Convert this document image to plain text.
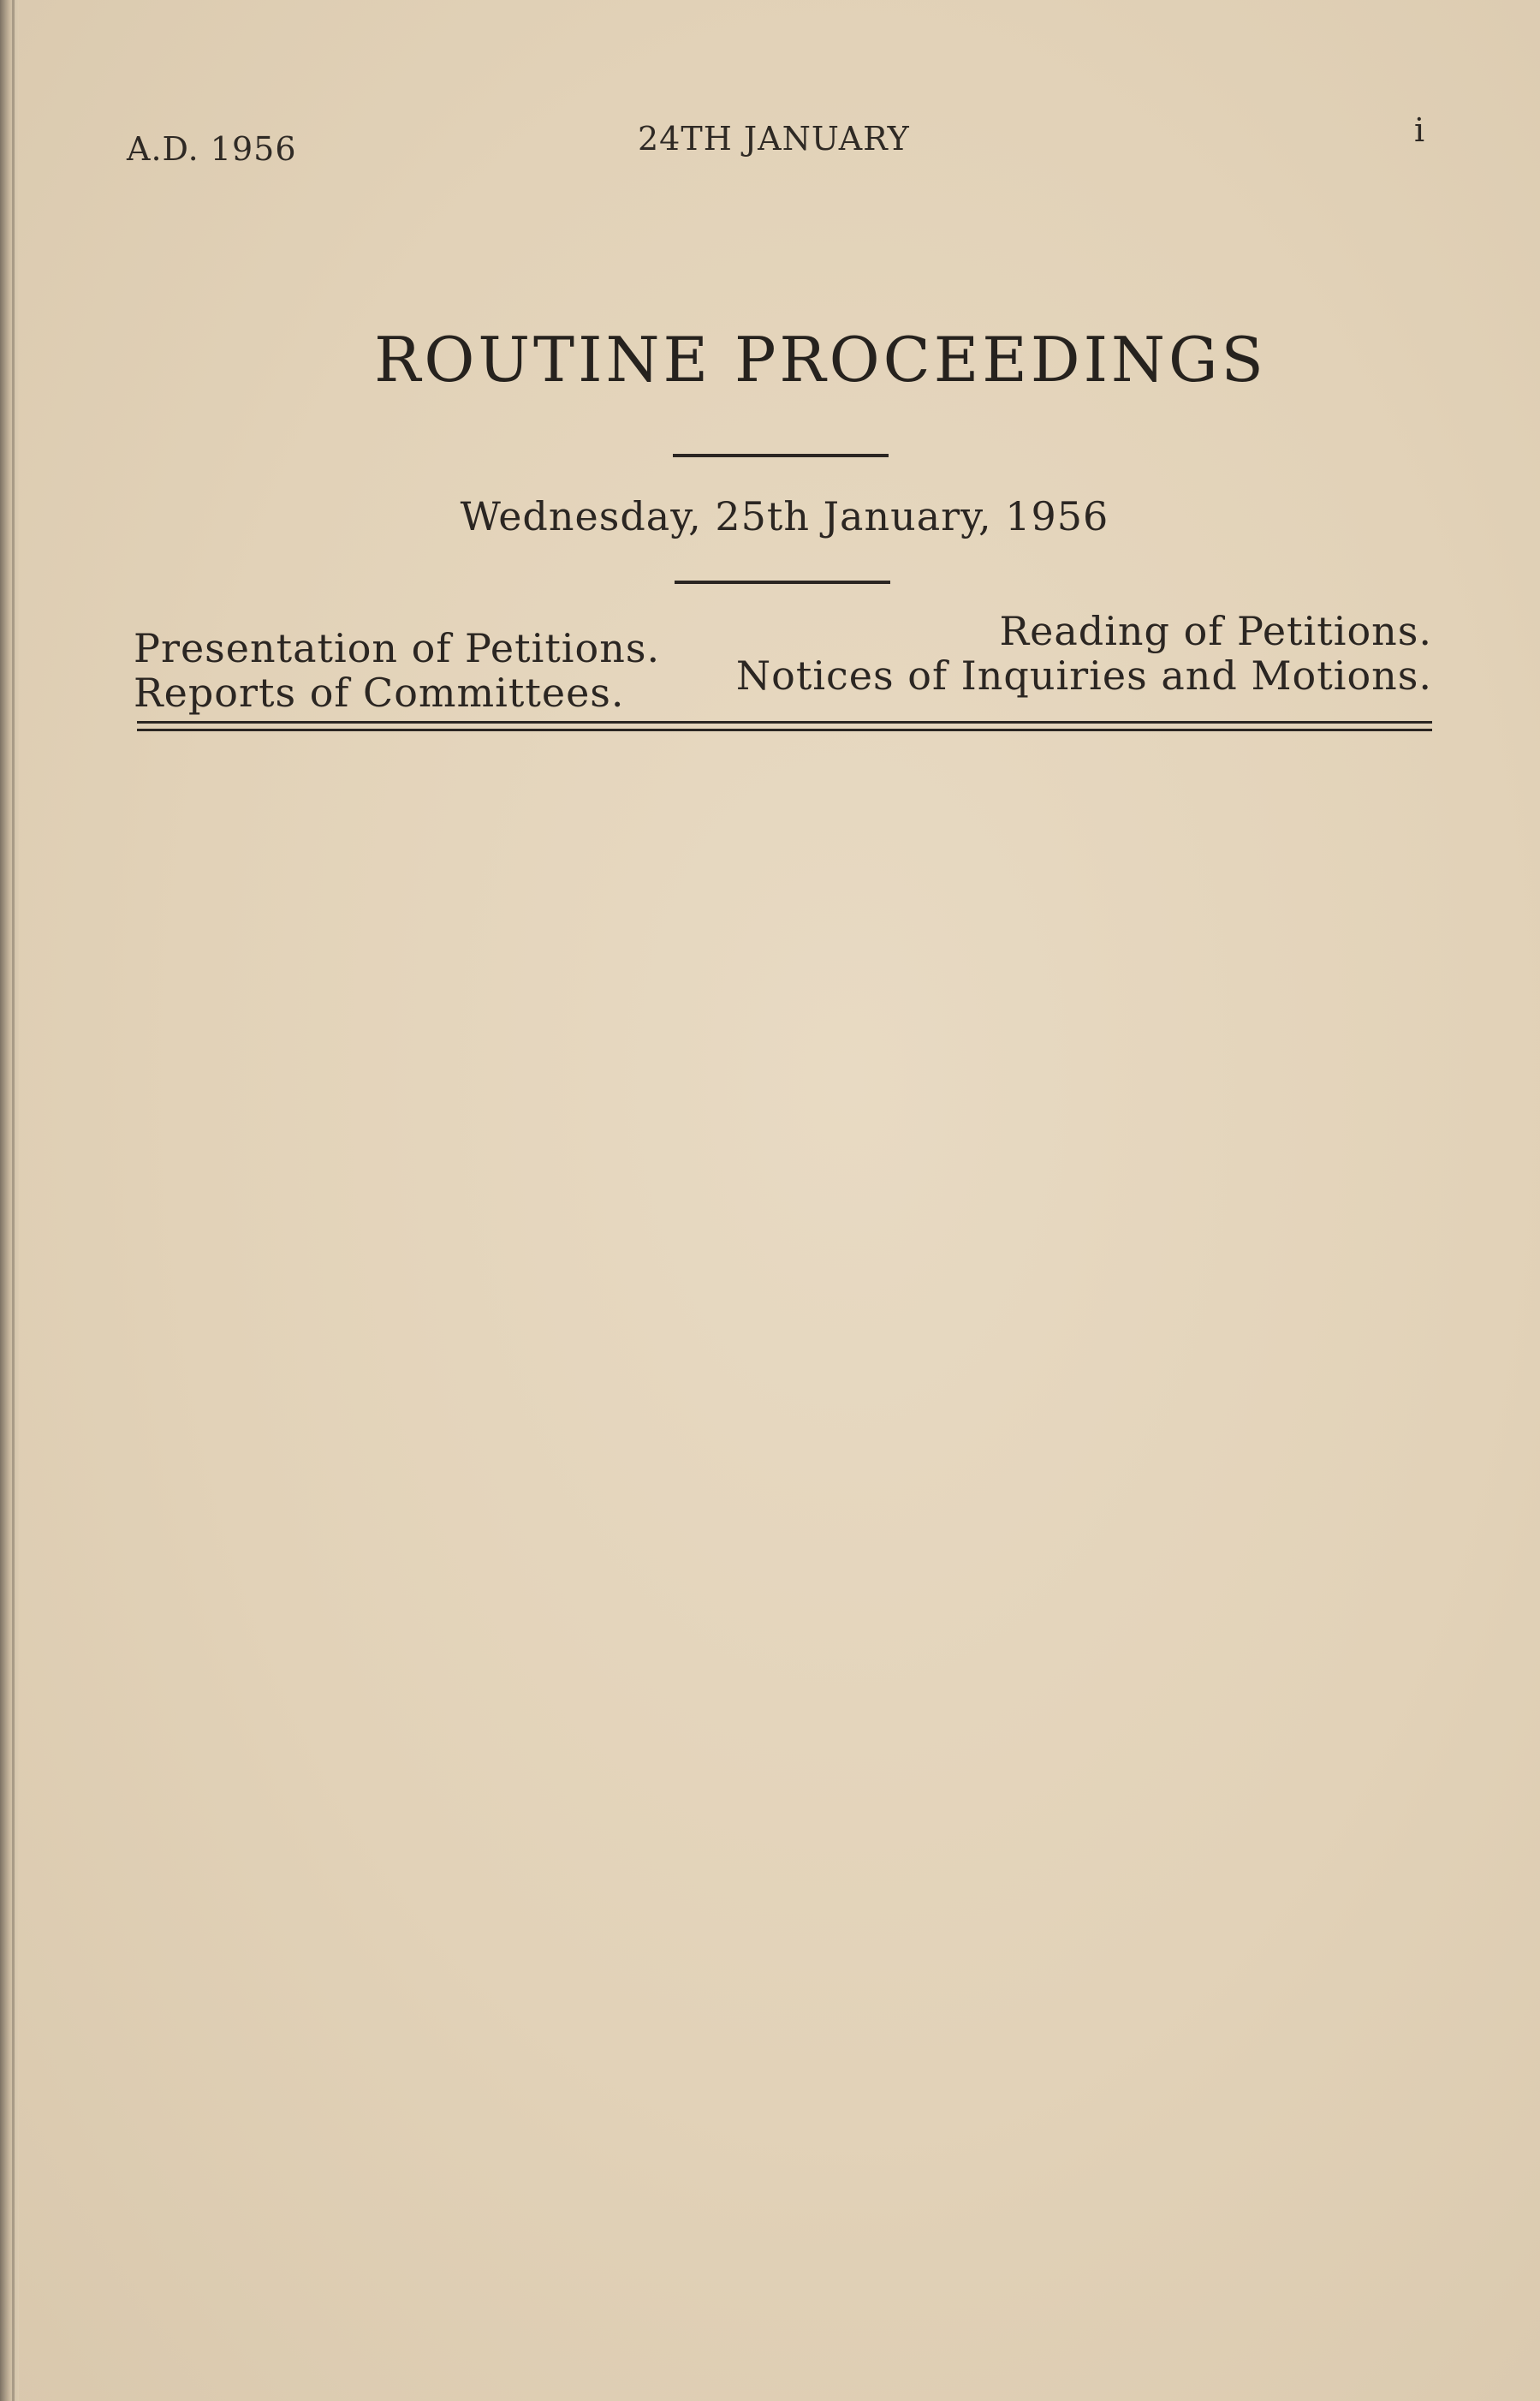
A.D. 1956	24TH JANUARY	i
ROUTINE PROCEEDINGS
Wednesday, 25th January, 1956
Presentation of Petitions.
Reports of Committees.
Reading of Petitions.
Notices of Inquiries and Motions.
